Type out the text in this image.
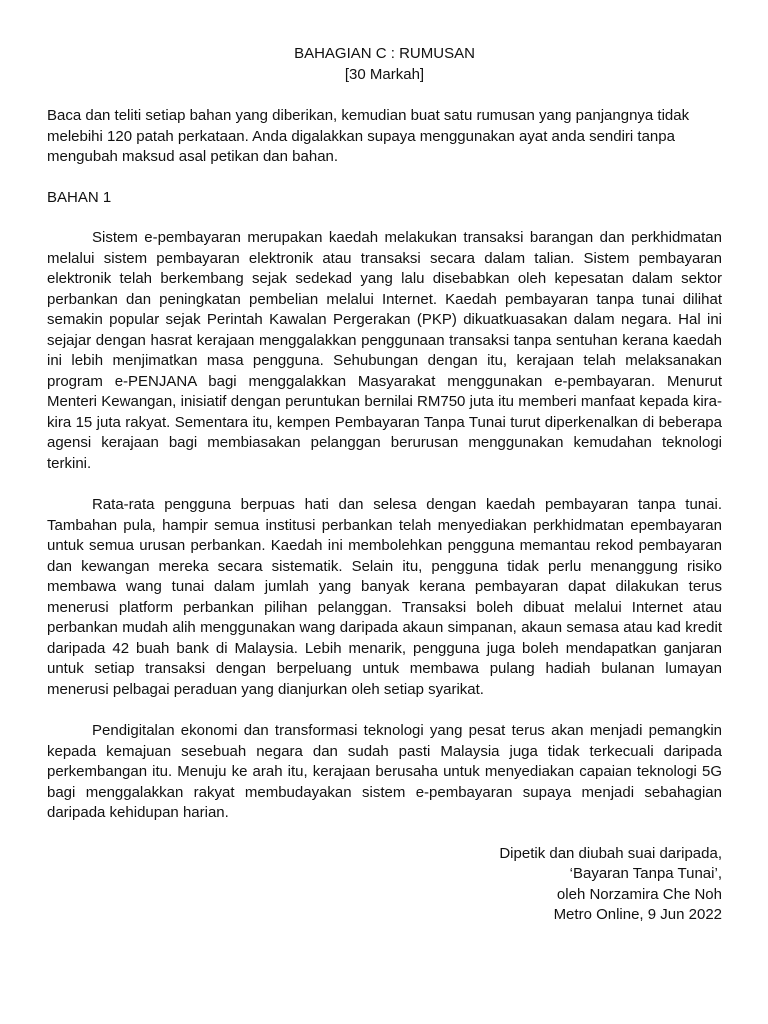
BAHAGIAN C : RUMUSAN
[30 Markah]

Baca dan teliti setiap bahan yang diberikan, kemudian buat satu rumusan yang panjangnya tidak melebihi 120 patah perkataan. Anda digalakkan supaya menggunakan ayat anda sendiri tanpa mengubah maksud asal petikan dan bahan.

BAHAN 1

Sistem e-pembayaran merupakan kaedah melakukan transaksi barangan dan perkhidmatan melalui sistem pembayaran elektronik atau transaksi secara dalam talian. Sistem pembayaran elektronik telah berkembang sejak sedekad yang lalu disebabkan oleh kepesatan dalam sektor perbankan dan peningkatan pembelian melalui Internet. Kaedah pembayaran tanpa tunai dilihat semakin popular sejak Perintah Kawalan Pergerakan (PKP) dikuatkuasakan dalam negara. Hal ini sejajar dengan hasrat kerajaan menggalakkan penggunaan transaksi tanpa sentuhan kerana kaedah ini lebih menjimatkan masa pengguna. Sehubungan dengan itu, kerajaan telah melaksanakan program e-PENJANA bagi menggalakkan Masyarakat menggunakan e-pembayaran. Menurut Menteri Kewangan, inisiatif dengan peruntukan bernilai RM750 juta itu memberi manfaat kepada kira-kira 15 juta rakyat. Sementara itu, kempen Pembayaran Tanpa Tunai turut diperkenalkan di beberapa agensi kerajaan bagi membiasakan pelanggan berurusan menggunakan kemudahan teknologi terkini.

Rata-rata pengguna berpuas hati dan selesa dengan kaedah pembayaran tanpa tunai. Tambahan pula, hampir semua institusi perbankan telah menyediakan perkhidmatan epembayaran untuk semua urusan perbankan. Kaedah ini membolehkan pengguna memantau rekod pembayaran dan kewangan mereka secara sistematik. Selain itu, pengguna tidak perlu menanggung risiko membawa wang tunai dalam jumlah yang banyak kerana pembayaran dapat dilakukan terus menerusi platform perbankan pilihan pelanggan. Transaksi boleh dibuat melalui Internet atau perbankan mudah alih menggunakan wang daripada akaun simpanan, akaun semasa atau kad kredit daripada 42 buah bank di Malaysia. Lebih menarik, pengguna juga boleh mendapatkan ganjaran untuk setiap transaksi dengan berpeluang untuk membawa pulang hadiah bulanan lumayan menerusi pelbagai peraduan yang dianjurkan oleh setiap syarikat.

Pendigitalan ekonomi dan transformasi teknologi yang pesat terus akan menjadi pemangkin kepada kemajuan sesebuah negara dan sudah pasti Malaysia juga tidak terkecuali daripada perkembangan itu. Menuju ke arah itu, kerajaan berusaha untuk menyediakan capaian teknologi 5G bagi menggalakkan rakyat membudayakan sistem e-pembayaran supaya menjadi sebahagian daripada kehidupan harian.

Dipetik dan diubah suai daripada,
‘Bayaran Tanpa Tunai’,
oleh Norzamira Che Noh
Metro Online, 9 Jun 2022
